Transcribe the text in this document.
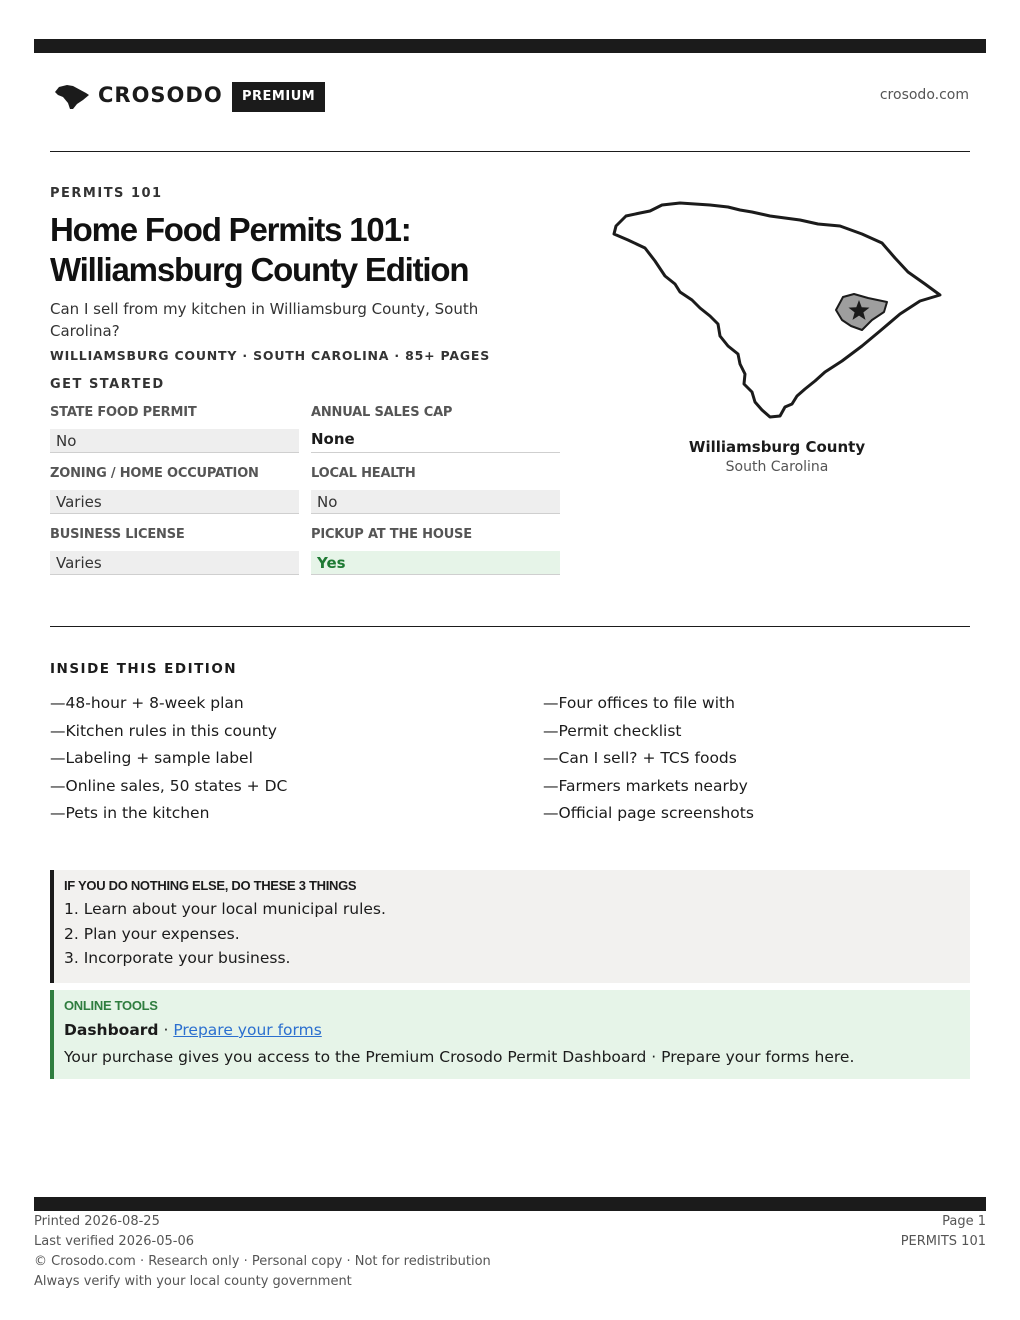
CROSODO	PREMIUM	crosodo.com
PERMITS 101
Home Food Permits 101:
Williamsburg County Edition
Can I sell from my kitchen in Williamsburg County, South Carolina?
WILLIAMSBURG COUNTY · SOUTH CAROLINA · 85+ PAGES
GET STARTED
STATE FOOD PERMIT
No
ANNUAL SALES CAP
None
ZONING / HOME OCCUPATION
Varies
LOCAL HEALTH
No
BUSINESS LICENSE
Varies
PICKUP AT THE HOUSE
Yes
Williamsburg County
South Carolina
INSIDE THIS EDITION
—48-hour + 8-week plan
—Kitchen rules in this county
—Labeling + sample label
—Online sales, 50 states + DC
—Pets in the kitchen
—Four offices to file with
—Permit checklist
—Can I sell? + TCS foods
—Farmers markets nearby
—Official page screenshots
IF YOU DO NOTHING ELSE, DO THESE 3 THINGS
1. Learn about your local municipal rules.
2. Plan your expenses.
3. Incorporate your business.
ONLINE TOOLS
Dashboard · Prepare your forms
Your purchase gives you access to the Premium Crosodo Permit Dashboard · Prepare your forms here.
Printed 2026-08-25
Last verified 2026-05-06
© Crosodo.com · Research only · Personal copy · Not for redistribution
Always verify with your local county government
Page 1
PERMITS 101
